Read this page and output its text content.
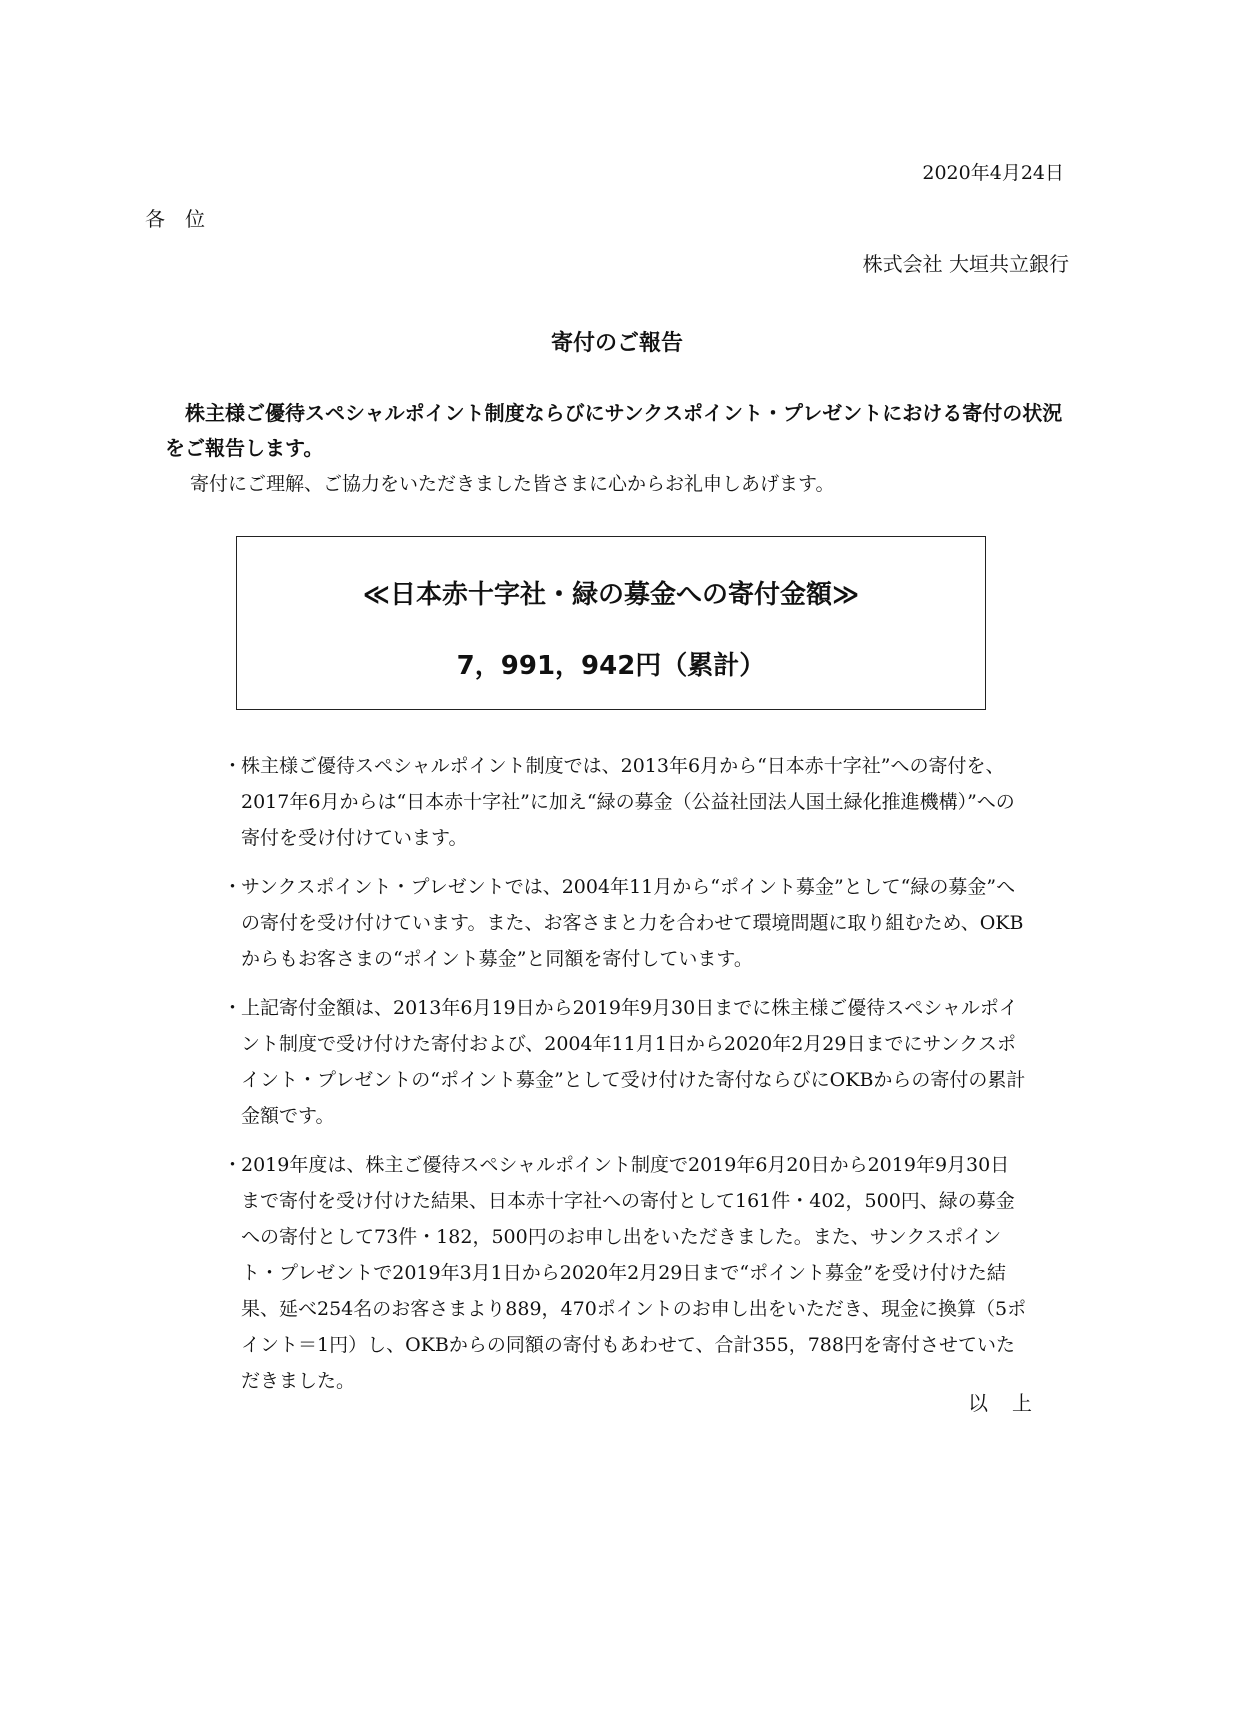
2020年4月24日
各　位
株式会社 大垣共立銀行
寄付のご報告
株主様ご優待スペシャルポイント制度ならびにサンクスポイント・プレゼントにおける寄付の状況をご報告します。
寄付にご理解、ご協力をいただきました皆さまに心からお礼申しあげます。
≪日本赤十字社・緑の募金への寄付金額≫
7，991，942円（累計）
・
株主様ご優待スペシャルポイント制度では、2013年6月から“日本赤十字社”への寄付を、2017年6月からは“日本赤十字社”に加え“緑の募金（公益社団法人国土緑化推進機構）”への寄付を受け付けています。
・
サンクスポイント・プレゼントでは、2004年11月から“ポイント募金”として“緑の募金”への寄付を受け付けています。また、お客さまと力を合わせて環境問題に取り組むため、OKBからもお客さまの“ポイント募金”と同額を寄付しています。
・
上記寄付金額は、2013年6月19日から2019年9月30日までに株主様ご優待スペシャルポイント制度で受け付けた寄付および、2004年11月1日から2020年2月29日までにサンクスポイント・プレゼントの“ポイント募金”として受け付けた寄付ならびにOKBからの寄付の累計金額です。
・
2019年度は、株主ご優待スペシャルポイント制度で2019年6月20日から2019年9月30日まで寄付を受け付けた結果、日本赤十字社への寄付として161件・402，500円、緑の募金への寄付として73件・182，500円のお申し出をいただきました。また、サンクスポイント・プレゼントで2019年3月1日から2020年2月29日まで“ポイント募金”を受け付けた結果、延べ254名のお客さまより889，470ポイントのお申し出をいただき、現金に換算（5ポイント＝1円）し、OKBからの同額の寄付もあわせて、合計355，788円を寄付させていただきました。
以　上
